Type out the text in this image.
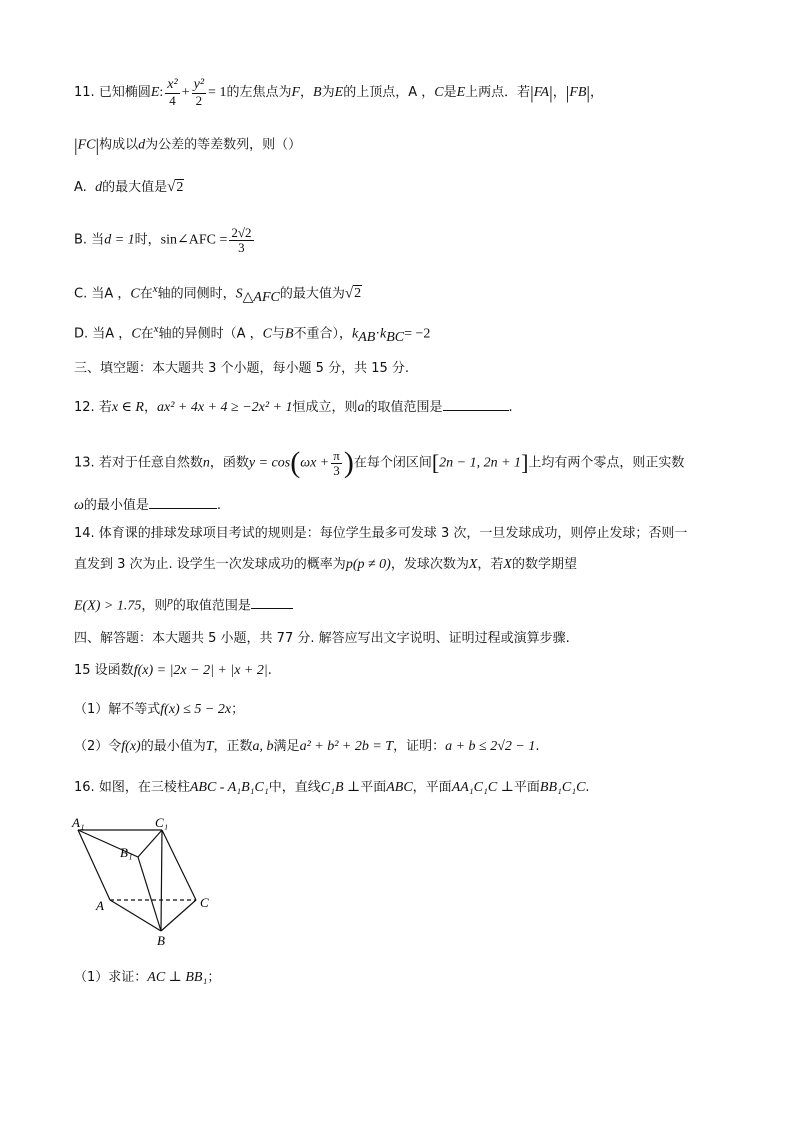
11. 已知椭圆E: $\frac{\text{x²}}{4} + \frac{\text{y²}}{2} = 1$的左焦点为F，B为E的上顶点，A ，C是E上两点．若|FA|，|FB|，
|FC|构成以d为公差的等差数列，则（）
A. d的最大值是√2
B. 当d = 1时，sin∠AFC = $\frac{2√2}{3}$
C. 当A ，C在$^x$轴的同侧时，$S_{\triangle AFC}$的最大值为√2
D. 当A ，C在$^x$轴的异侧时（A ，C与B不重合），$k_{AB}\cdot k_{BC}= -2$
三、填空题：本大题共 3 个小题，每小题 5 分，共 15 分.
12. 若x ∈ R，ax² + 4x + 4 ≥ −2x² + 1恒成立，则a的取值范围是	.
13. 若对于任意自然数n，函数$y = \cos(\omega x + \frac{\pi}{3}$ )在每个闭区间[2n − 1, 2n + 1]上均有两个零点，则正实数
ω的最小值是	.
14. 体育课的排球发球项目考试的规则是：每位学生最多可发球 3 次，一旦发球成功，则停止发球；否则一
直发到 3 次为止. 设学生一次发球成功的概率为p(p ≠ 0)，发球次数为X，若X的数学期望
E(X) > 1.75，则$^p$的取值范围是
四、解答题：本大题共 5 小题，共 77 分. 解答应写出文字说明、证明过程或演算步骤.
15 设函数f(x) = |2x − 2| + |x + 2|.
（1）解不等式f(x) ≤ 5 − 2x；
（2）令f(x)的最小值为T，正数a, b满足a² + b² + 2b = T，证明：a + b ≤ 2√2 − 1.
16. 如图，在三棱柱ABC - A₁B₁C₁中，直线C₁B ⊥平面ABC，平面AA₁C₁C ⊥平面BB₁C₁C.
A₁	C₁
B₁
A	C
B
（1）求证：AC ⊥ BB₁；
